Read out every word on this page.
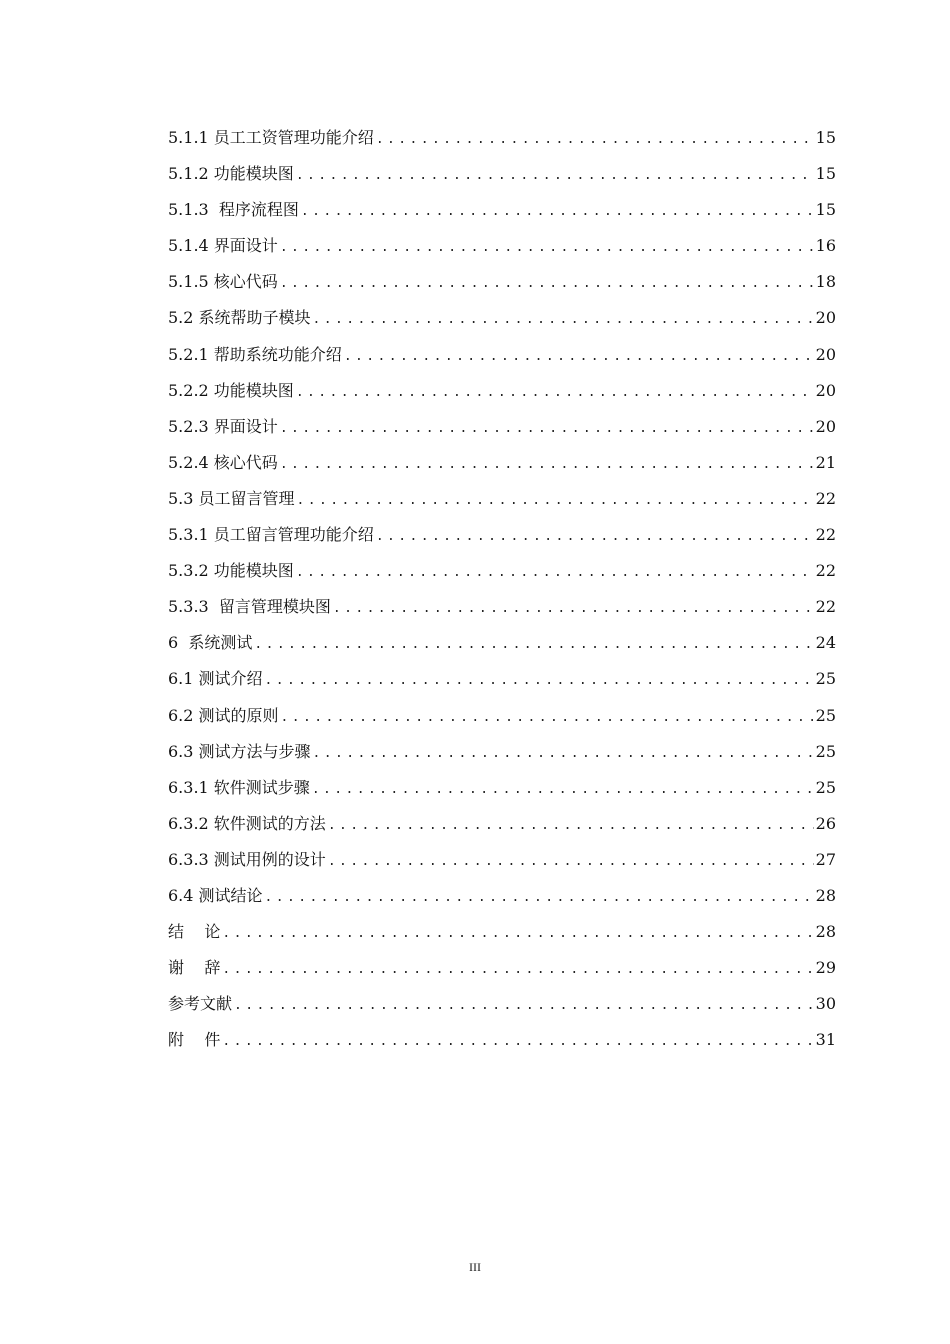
5.1.1 员工工资管理功能介绍 .....	15
5.1.2 功能模块图 .....	15
5.1.3  程序流程图 .....	15
5.1.4 界面设计 .....	16
5.1.5 核心代码 .....	18
5.2 系统帮助子模块 .....	20
5.2.1 帮助系统功能介绍 .....	20
5.2.2 功能模块图 .....	20
5.2.3 界面设计 .....	20
5.2.4 核心代码 .....	21
5.3 员工留言管理 .....	22
5.3.1 员工留言管理功能介绍 .....	22
5.3.2 功能模块图 .....	22
5.3.3  留言管理模块图 .....	22
6  系统测试 .....	24
6.1 测试介绍 .....	25
6.2 测试的原则 .....	25
6.3 测试方法与步骤 .....	25
6.3.1 软件测试步骤 .....	25
6.3.2 软件测试的方法 .....	26
6.3.3 测试用例的设计 .....	27
6.4 测试结论 .....	28
结    论 .....	28
谢    辞 .....	29
参考文献 .....	30
附    件 .....	31
III
